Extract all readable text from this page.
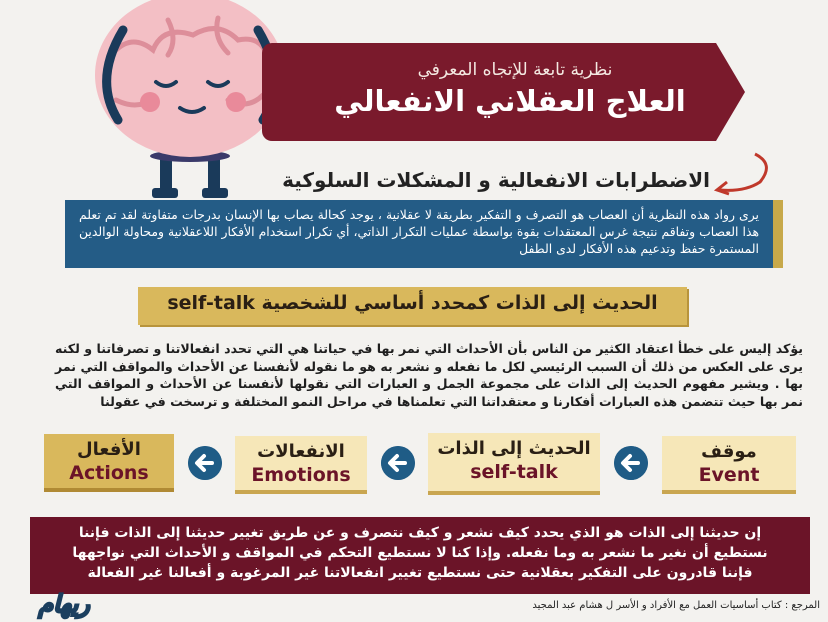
نظرية تابعة للإتجاه المعرفي
العلاج العقلاني الانفعالي
الاضطرابات الانفعالية و المشكلات السلوكية

يرى رواد هذه النظرية أن العصاب هو التصرف و التفكير بطريقة لا عقلانية ، يوجد كحالة يصاب بها الإنسان بدرجات متفاوتة لقد تم تعلم هذا العصاب وتفاقم نتيجة غرس المعتقدات بقوة بواسطة عمليات التكرار الذاتي، أي تكرار استخدام الأفكار اللاعقلانية ومحاولة الوالدين المستمرة حفظ وتدعيم هذه الأفكار لدى الطفل

الحديث إلى الذات كمحدد أساسي للشخصية self-talk
يؤكد إليس على خطأ اعتقاد الكثير من الناس بأن الأحداث التي نمر بها في حياتنا هي التي تحدد انفعالاتنا و تصرفاتنا و لكنه يرى على العكس من ذلك أن السبب الرئيسي لكل ما نفعله و نشعر به هو ما نقوله لأنفسنا عن الأحداث والمواقف التي نمر بها . ويشير مفهوم الحديث إلى الذات على مجموعة الجمل و العبارات التي نقولها لأنفسنا عن الأحداث و المواقف التي نمر بها حيث تتضمن هذه العبارات أفكارنا و معتقداتنا التي تعلمناها في مراحل النمو المختلفة و ترسخت في عقولنا
موقف
Event
الحديث إلى الذات
self-talk
الانفعالات
Emotions
الأفعال
Actions

إن حديثنا إلى الذات هو الذي يحدد كيف نشعر و كيف نتصرف و عن طريق تغيير حديثنا إلى الذات فإننا نستطيع أن نغير ما نشعر به وما نفعله. وإذا كنا لا نستطيع التحكم في المواقف و الأحداث التي نواجهها فإننا قادرون على التفكير بعقلانية حتى نستطيع تغيير انفعالاتنا غير المرغوبة و أفعالنا غير الفعالة

المرجع : كتاب أساسيات العمل مع الأفراد و الأسر ل هشام عبد المجيد
ريهام
